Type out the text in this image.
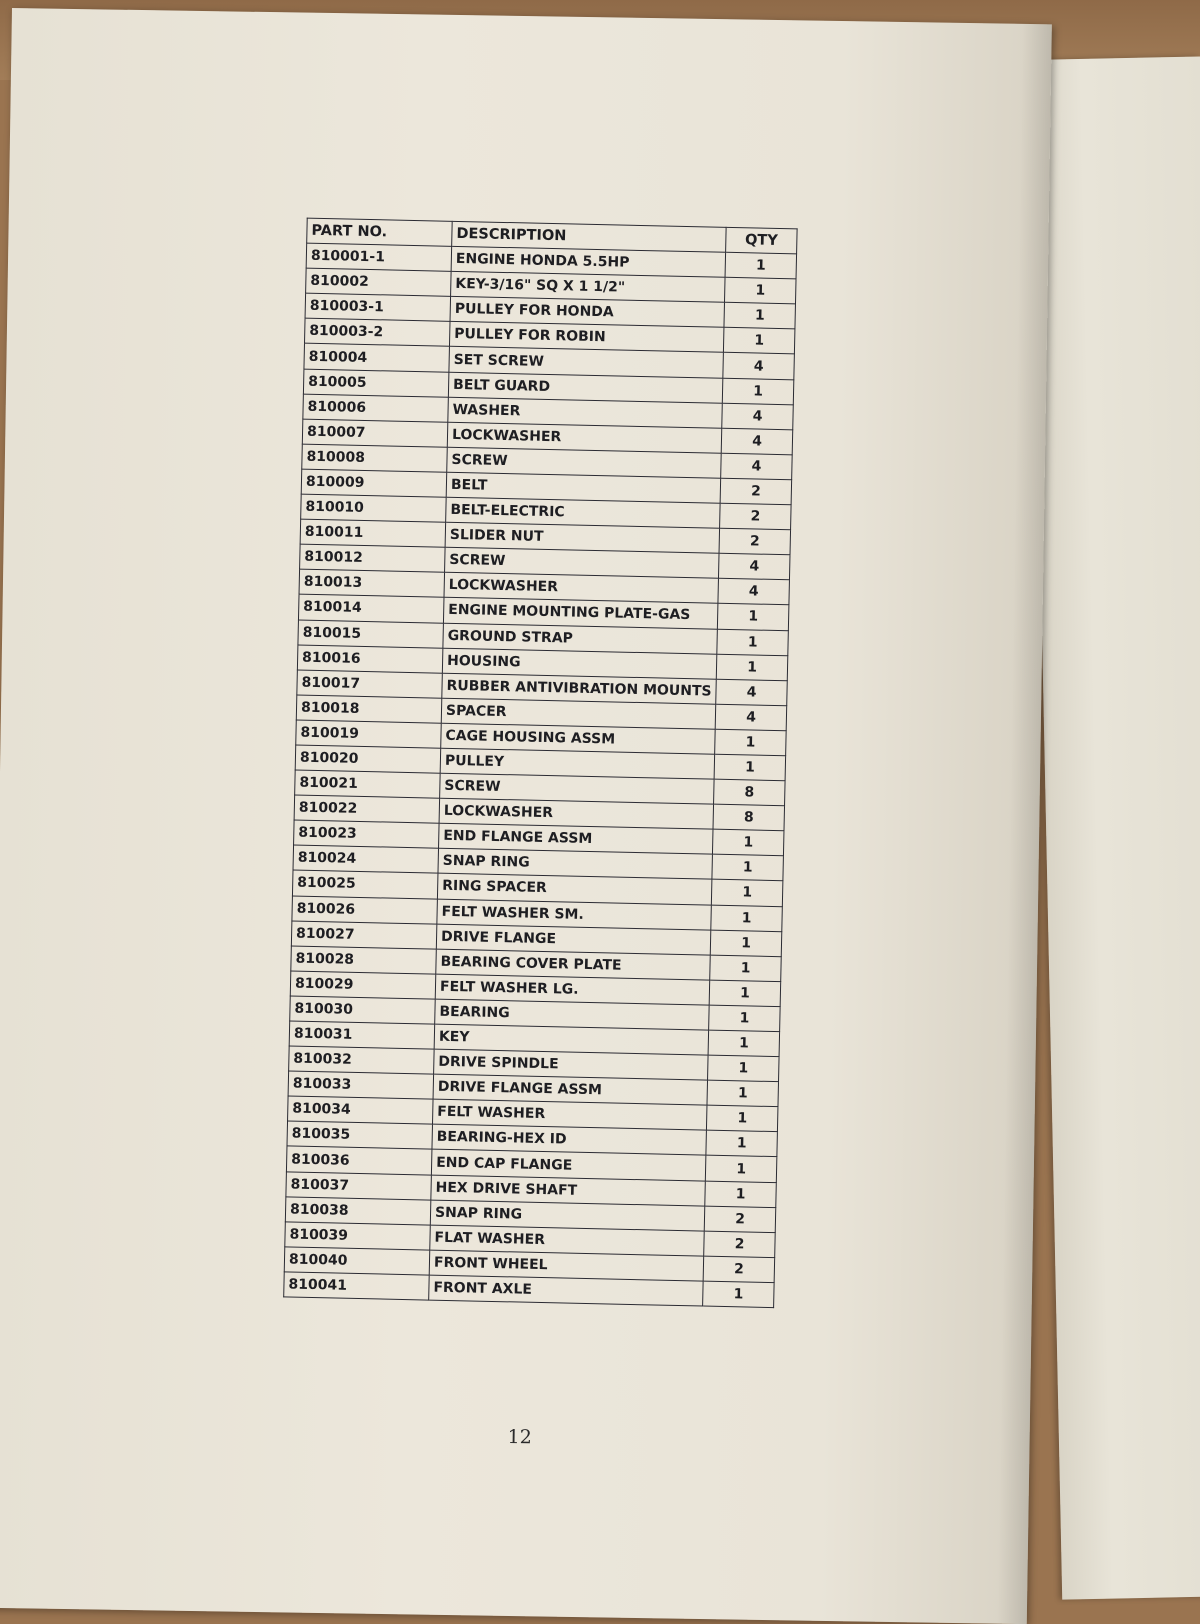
PART NO.	DESCRIPTION	QTY
810001-1	ENGINE HONDA 5.5HP	1
810002	KEY-3/16" SQ X 1 1/2"	1
810003-1	PULLEY FOR HONDA	1
810003-2	PULLEY FOR ROBIN	1
810004	SET SCREW	4
810005	BELT GUARD	1
810006	WASHER	4
810007	LOCKWASHER	4
810008	SCREW	4
810009	BELT	2
810010	BELT-ELECTRIC	2
810011	SLIDER NUT	2
810012	SCREW	4
810013	LOCKWASHER	4
810014	ENGINE MOUNTING PLATE-GAS	1
810015	GROUND STRAP	1
810016	HOUSING	1
810017	RUBBER ANTIVIBRATION MOUNTS	4
810018	SPACER	4
810019	CAGE HOUSING ASSM	1
810020	PULLEY	1
810021	SCREW	8
810022	LOCKWASHER	8
810023	END FLANGE ASSM	1
810024	SNAP RING	1
810025	RING SPACER	1
810026	FELT WASHER SM.	1
810027	DRIVE FLANGE	1
810028	BEARING COVER PLATE	1
810029	FELT WASHER LG.	1
810030	BEARING	1
810031	KEY	1
810032	DRIVE SPINDLE	1
810033	DRIVE FLANGE ASSM	1
810034	FELT WASHER	1
810035	BEARING-HEX ID	1
810036	END CAP FLANGE	1
810037	HEX DRIVE SHAFT	1
810038	SNAP RING	2
810039	FLAT WASHER	2
810040	FRONT WHEEL	2
810041	FRONT AXLE	1
12
